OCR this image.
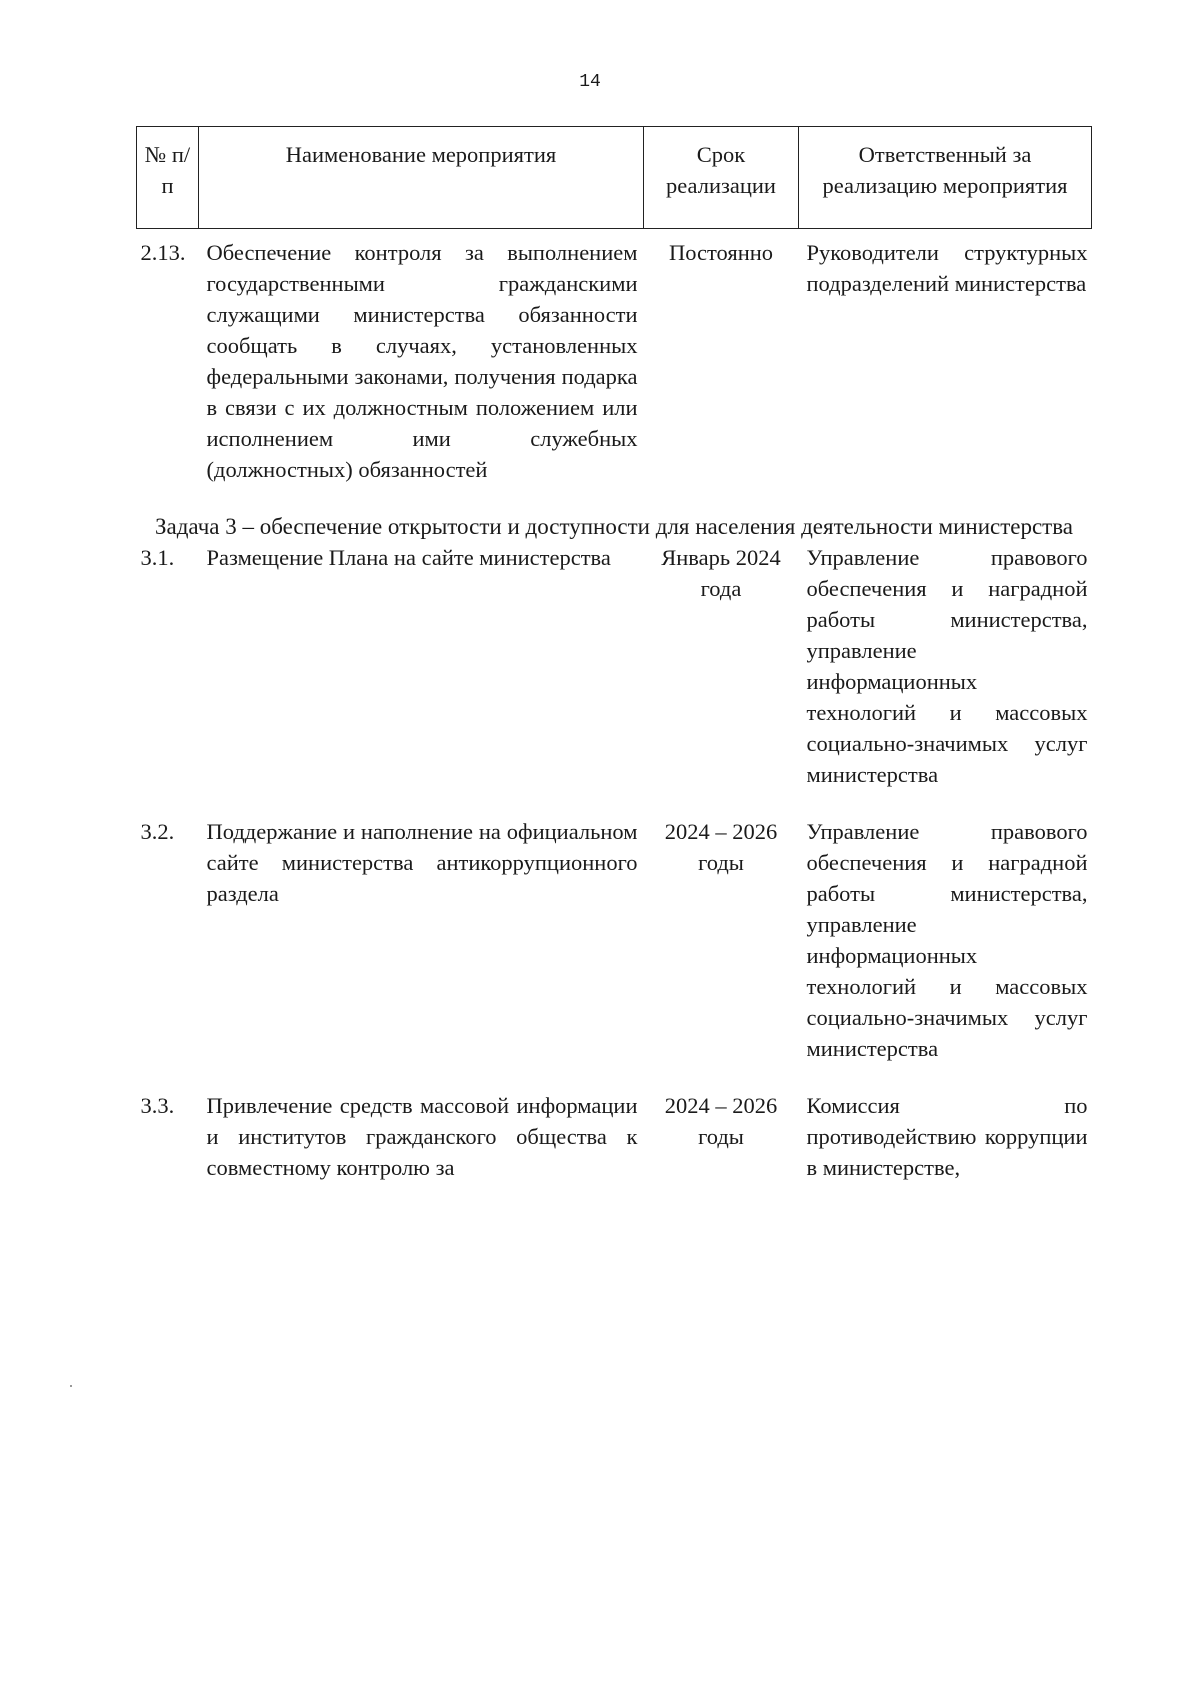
14
№ п/п	Наименование мероприятия	Срок реализации	Ответственный за реализацию мероприятия
2.13.	Обеспечение контроля за выполнением государственными гражданскими служащими министерства обязанности сообщать в случаях, установленных федеральными законами, получения подарка в связи с их должностным положением или исполнением ими служебных (должностных) обязанностей	Постоянно	Руководители структурных подразделений министерства

Задача 3 – обеспечение открытости и доступности для населения деятельности министерства			
3.1.	Размещение Плана на сайте министерства	Январь 2024 года	Управление правового обеспечения и наградной работы министерства, управление информационных технологий и массовых социально-значимых услуг министерства

3.2.	Поддержание и наполнение на официальном сайте министерства антикоррупционного раздела	2024 – 2026 годы	Управление правового обеспечения и наградной работы министерства, управление информационных технологий и массовых социально-значимых услуг министерства

3.3.	Привлечение средств массовой информации и институтов гражданского общества к совместному контролю за	2024 – 2026 годы	Комиссия по противодействию коррупции в министерстве,
